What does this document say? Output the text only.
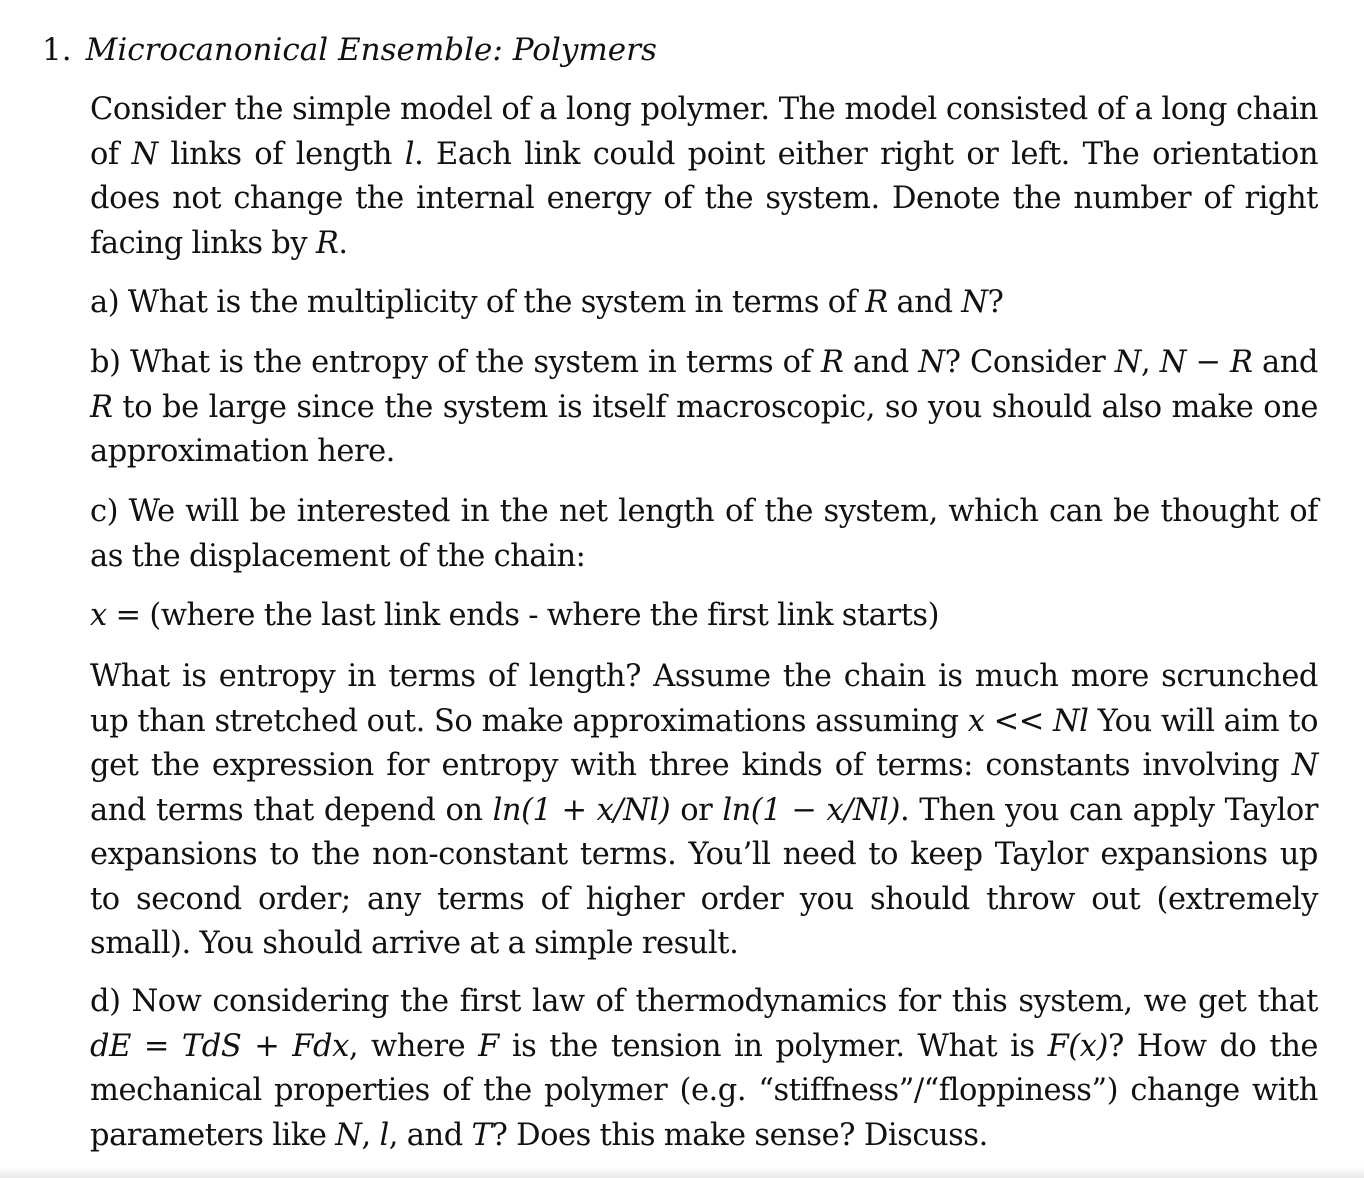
1. Microcanonical Ensemble: Polymers
Consider the simple model of a long polymer. The model consisted of a long chain of N links of length l. Each link could point either right or left. The orientation does not change the internal energy of the system. Denote the number of right facing links by R.
a) What is the multiplicity of the system in terms of R and N?
b) What is the entropy of the system in terms of R and N? Consider N, N − R and R to be large since the system is itself macroscopic, so you should also make one approximation here.
c) We will be interested in the net length of the system, which can be thought of as the displacement of the chain:
x = (where the last link ends - where the first link starts)
What is entropy in terms of length? Assume the chain is much more scrunched up than stretched out. So make approximations assuming x << Nl You will aim to get the expression for entropy with three kinds of terms: constants involving N and terms that depend on ln(1 + x/Nl) or ln(1 − x/Nl). Then you can apply Taylor expansions to the non-constant terms. You’ll need to keep Taylor expansions up to second order; any terms of higher order you should throw out (extremely small). You should arrive at a simple result.
d) Now considering the first law of thermodynamics for this system, we get that dE = TdS + Fdx, where F is the tension in polymer. What is F(x)? How do the mechanical properties of the polymer (e.g. “stiffness”/“floppiness”) change with parameters like N, l, and T? Does this make sense? Discuss.
